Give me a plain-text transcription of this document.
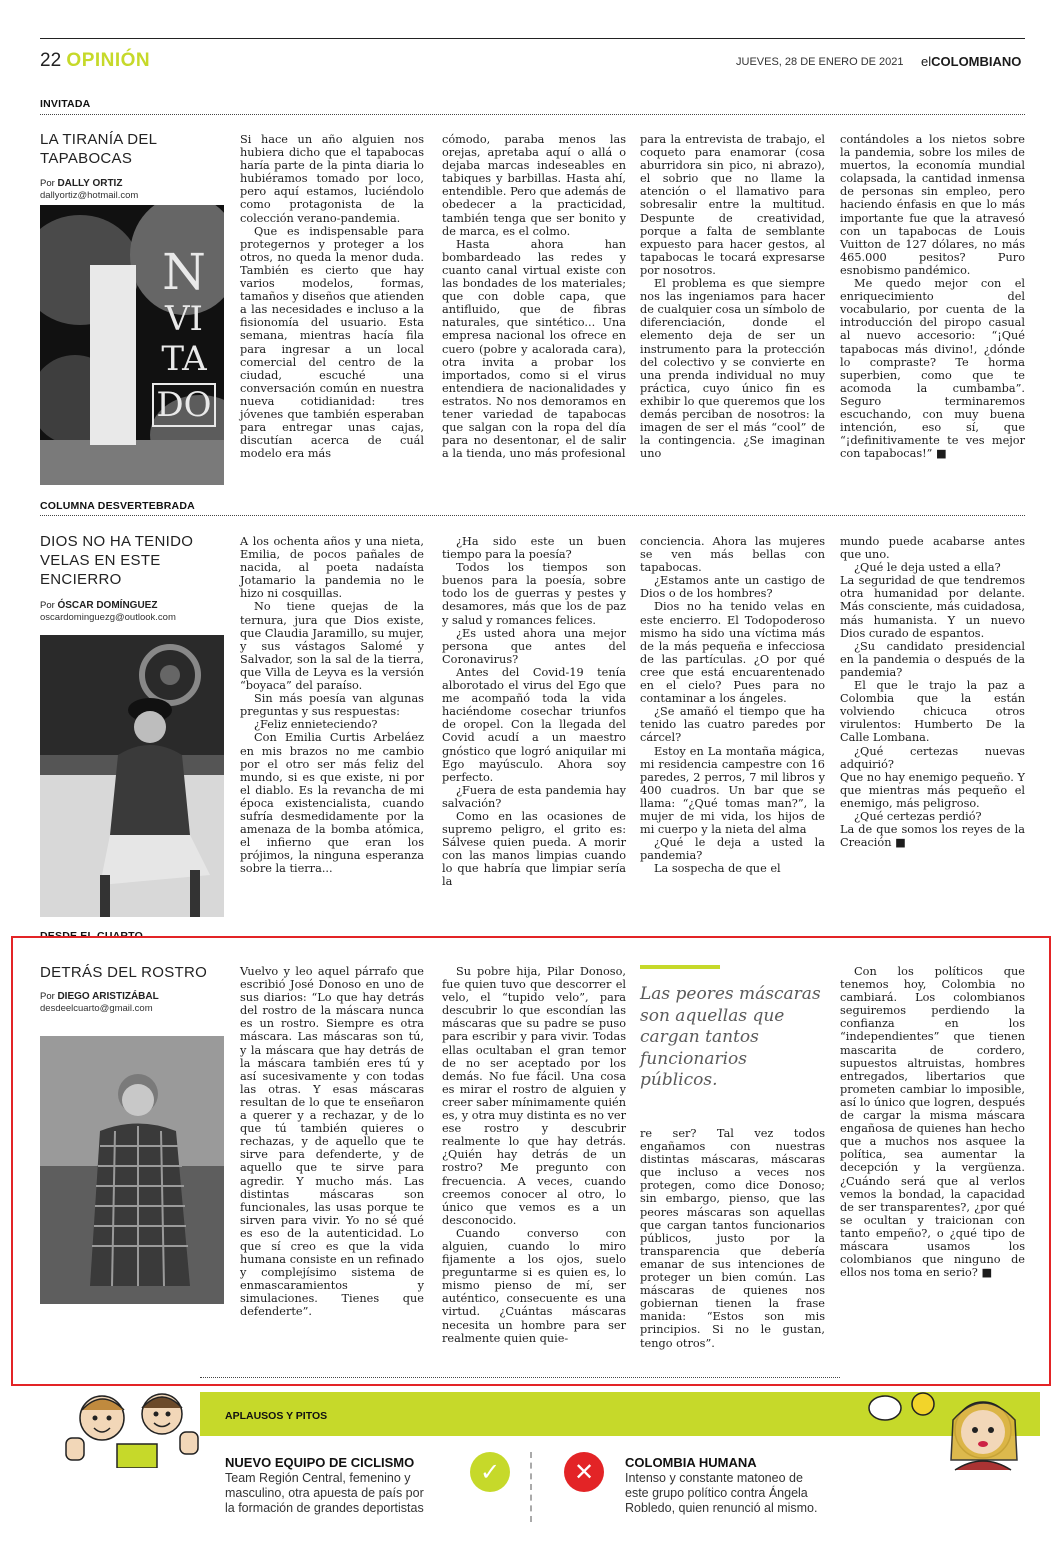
22 OPINIÓN	JUEVES, 28 DE ENERO DE 2021 elCOLOMBIANO
INVITADA
LA TIRANÍA DEL
TAPABOCAS
Por DALLY ORTIZ
dallyortiz@hotmail.com
N
VI
TA
DO

Si hace un año alguien nos hubiera dicho que el tapabocas haría parte de la pinta diaria lo hubiéramos tomado por loco, pero aquí estamos, luciéndolo como protagonista de la colección verano-pandemia.

Que es indispensable para protegernos y proteger a los otros, no queda la menor duda. También es cierto que hay varios modelos, formas, tamaños y diseños que atienden a las necesidades e incluso a la fisionomía del usuario. Esta semana, mientras hacía fila para ingresar a un local comercial del centro de la ciudad, escuché una conversación común en nuestra nueva cotidianidad: tres jóvenes que también esperaban para entregar unas cajas, discutían acerca de cuál modelo era más

cómodo, paraba menos las orejas, apretaba aquí o allá o dejaba marcas indeseables en tabiques y barbillas. Hasta ahí, entendible. Pero que además de obedecer a la practicidad, también tenga que ser bonito y de marca, es el colmo.

Hasta ahora han bombardeado las redes y cuanto canal virtual existe con las bondades de los materiales; que con doble capa, que antifluido, que de fibras naturales, que sintético... Una empresa nacional los ofrece en cuero (pobre y acalorada cara), otra invita a probar los importados, como si el virus entendiera de nacionalidades y estratos. No nos demoramos en tener variedad de tapabocas que salgan con la ropa del día para no desentonar, el de salir a la tienda, uno más profesional

para la entrevista de trabajo, el coqueto para enamorar (cosa aburridora sin pico, ni abrazo), el sobrio que no llame la atención o el llamativo para sobresalir entre la multitud. Despunte de creatividad, porque a falta de semblante expuesto para hacer gestos, al tapabocas le tocará expresarse por nosotros.

El problema es que siempre nos las ingeniamos para hacer de cualquier cosa un símbolo de diferenciación, donde el elemento deja de ser un instrumento para la protección del colectivo y se convierte en una prenda individual no muy práctica, cuyo único fin es exhibir lo que queremos que los demás perciban de nosotros: la imagen de ser el más “cool” de la contingencia. ¿Se imaginan uno

contándoles a los nietos sobre la pandemia, sobre los miles de muertos, la economía mundial colapsada, la cantidad inmensa de personas sin empleo, pero haciendo énfasis en que lo más importante fue que la atravesó con un tapabocas de Louis Vuitton de 127 dólares, no más 465.000 pesitos? Puro esnobismo pandémico.

Me quedo mejor con el enriquecimiento del vocabulario, por cuenta de la introducción del piropo casual al nuevo accesorio: “¡Qué tapabocas más divino!, ¿dónde lo compraste? Te horma superbien, como que te acomoda la cumbamba”. Seguro terminaremos escuchando, con muy buena intención, eso sí, que “¡definitivamente te ves mejor con tapabocas!” ■

COLUMNA DESVERTEBRADA
DIOS NO HA TENIDO
VELAS EN ESTE
ENCIERRO
Por ÓSCAR DOMÍNGUEZ
oscardominguezg@outlook.com

A los ochenta años y una nieta, Emilia, de pocos pañales de nacida, al poeta nadaísta Jotamario la pandemia no le hizo ni cosquillas.

No tiene quejas de la ternura, jura que Dios existe, que Claudia Jaramillo, su mujer, y sus vástagos Salomé y Salvador, son la sal de la tierra, que Villa de Leyva es la versión “boyaca” del paraíso.

Sin más poesía van algunas preguntas y sus respuestas:

¿Feliz ennieteciendo?

Con Emilia Curtis Arbeláez en mis brazos no me cambio por el otro ser más feliz del mundo, si es que existe, ni por el diablo. Es la revancha de mi época existencialista, cuando sufría desmedidamente por la amenaza de la bomba atómica, el infierno que eran los prójimos, la ninguna esperanza sobre la tierra...

¿Ha sido este un buen tiempo para la poesía?

Todos los tiempos son buenos para la poesía, sobre todo los de guerras y pestes y desamores, más que los de paz y salud y romances felices.

¿Es usted ahora una mejor persona que antes del Coronavirus?

Antes del Covid-19 tenía alborotado el virus del Ego que me acompañó toda la vida haciéndome cosechar triunfos de oropel. Con la llegada del Covid acudí a un maestro gnóstico que logró aniquilar mi Ego mayúsculo. Ahora soy perfecto.

¿Fuera de esta pandemia hay salvación?

Como en las ocasiones de supremo peligro, el grito es: Sálvese quien pueda. A morir con las manos limpias cuando lo que habría que limpiar sería la

conciencia. Ahora las mujeres se ven más bellas con tapabocas.

¿Estamos ante un castigo de Dios o de los hombres?

Dios no ha tenido velas en este encierro. El Todopoderoso mismo ha sido una víctima más de la más pequeña e infecciosa de las partículas. ¿O por qué cree que está encuarentenado en el cielo? Pues para no contaminar a los ángeles.

¿Se amañó el tiempo que ha tenido las cuatro paredes por cárcel?

Estoy en La montaña mágica, mi residencia campestre con 16 paredes, 2 perros, 7 mil libros y 400 cuadros. Un bar que se llama: “¿Qué tomas man?”, la mujer de mi vida, los hijos de mi cuerpo y la nieta del alma

¿Qué le deja a usted la pandemia?

La sospecha de que el

mundo puede acabarse antes que uno.

¿Qué le deja usted a ella?

La seguridad de que tendremos otra humanidad por delante. Más consciente, más cuidadosa, más humanista. Y un nuevo Dios curado de espantos.

¿Su candidato presidencial en la pandemia o después de la pandemia?

El que le trajo la paz a Colombia que la están volviendo chicuca otros virulentos: Humberto De la Calle Lombana.

¿Qué certezas nuevas adquirió?

Que no hay enemigo pequeño. Y que mientras más pequeño el enemigo, más peligroso.

¿Qué certezas perdió?

La de que somos los reyes de la Creación ■

DESDE EL CUARTO
DETRÁS DEL ROSTRO
Por DIEGO ARISTIZÁBAL
desdeelcuarto@gmail.com

Vuelvo y leo aquel párrafo que escribió José Donoso en uno de sus diarios: “Lo que hay detrás del rostro de la máscara nunca es un rostro. Siempre es otra máscara. Las máscaras son tú, y la máscara que hay detrás de la máscara también eres tú y así sucesivamente y con todas las otras. Y esas máscaras resultan de lo que te enseñaron a querer y a rechazar, y de lo que tú también quieres o rechazas, y de aquello que te sirve para defenderte, y de aquello que te sirve para agredir. Y mucho más. Las distintas máscaras son funcionales, las usas porque te sirven para vivir. Yo no sé qué es eso de la autenticidad. Lo que sí creo es que la vida humana consiste en un refinado y complejísimo sistema de enmascaramientos y simulaciones. Tienes que defenderte”.

Su pobre hija, Pilar Donoso, fue quien tuvo que descorrer el velo, el “tupido velo”, para descubrir lo que escondían las máscaras que su padre se puso para escribir y para vivir. Todas ellas ocultaban el gran temor de no ser aceptado por los demás. No fue fácil. Una cosa es mirar el rostro de alguien y creer saber mínimamente quién es, y otra muy distinta es no ver ese rostro y descubrir realmente lo que hay detrás. ¿Quién hay detrás de un rostro? Me pregunto con frecuencia. A veces, cuando creemos conocer al otro, lo único que vemos es a un desconocido.

Cuando converso con alguien, cuando lo miro fijamente a los ojos, suelo preguntarme si es quien es, lo mismo pienso de mí, ser auténtico, consecuente es una virtud. ¿Cuántas máscaras necesita un hombre para ser realmente quien quie-

Las peores máscaras son aquellas que cargan tantos funcionarios públicos.

re ser? Tal vez todos engañamos con nuestras distintas máscaras, máscaras que incluso a veces nos protegen, como dice Donoso; sin embargo, pienso, que las peores máscaras son aquellas que cargan tantos funcionarios públicos, justo por la transparencia que debería emanar de sus intenciones de proteger un bien común. Las máscaras de quienes nos gobiernan tienen la frase manida: “Estos son mis principios. Si no le gustan, tengo otros”.

Con los políticos que tenemos hoy, Colombia no cambiará. Los colombianos seguiremos perdiendo la confianza en los “independientes” que tienen mascarita de cordero, supuestos altruistas, hombres entregados, libertarios que prometen cambiar lo imposible, así lo único que logren, después de cargar la misma máscara engañosa de quienes han hecho que a muchos nos asquee la política, sea aumentar la decepción y la vergüenza. ¿Cuándo será que al verlos vemos la bondad, la capacidad de ser transparentes?, ¿por qué se ocultan y traicionan con tanto empeño?, o ¿qué tipo de máscara usamos los colombianos que ninguno de ellos nos toma en serio? ■

APLAUSOS Y PITOS
NUEVO EQUIPO DE CICLISMO
Team Región Central, femenino y
masculino, otra apuesta de país por
la formación de grandes deportistas
✓	✕	COLOMBIA HUMANA
Intenso y constante matoneo de
este grupo político contra Ángela
Robledo, quien renunció al mismo.
